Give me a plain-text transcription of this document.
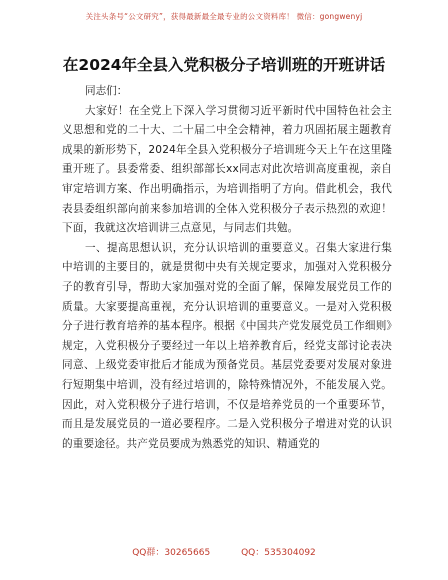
关注头条号“公文研究”，获得最新最全最专业的公文资料库！ 微信：gongwenyj
在2024年全县入党积极分子培训班的开班讲话

同志们：

大家好！在全党上下深入学习贯彻习近平新时代中国特色社会主义思想和党的二十大、二十届二中全会精神，着力巩固拓展主题教育成果的新形势下，2024年全县入党积极分子培训班今天上午在这里隆重开班了。县委常委、组织部部长xx同志对此次培训高度重视，亲自审定培训方案、作出明确指示，为培训指明了方向。借此机会，我代表县委组织部向前来参加培训的全体入党积极分子表示热烈的欢迎！下面，我就这次培训讲三点意见，与同志们共勉。

一、提高思想认识，充分认识培训的重要意义。召集大家进行集中培训的主要目的，就是贯彻中央有关规定要求，加强对入党积极分子的教育引导，帮助大家加强对党的全面了解，保障发展党员工作的质量。大家要提高重视，充分认识培训的重要意义。一是对入党积极分子进行教育培养的基本程序。根据《中国共产党发展党员工作细则》规定，入党积极分子要经过一年以上培养教育后，经党支部讨论表决同意、上级党委审批后才能成为预备党员。基层党委要对发展对象进行短期集中培训，没有经过培训的，除特殊情况外，不能发展入党。因此，对入党积极分子进行培训，不仅是培养党员的一个重要环节，而且是发展党员的一道必要程序。二是入党积极分子增进对党的认识的重要途径。共产党员要成为熟悉党的知识、精通党的

QQ群：30265665	QQ：535304092
